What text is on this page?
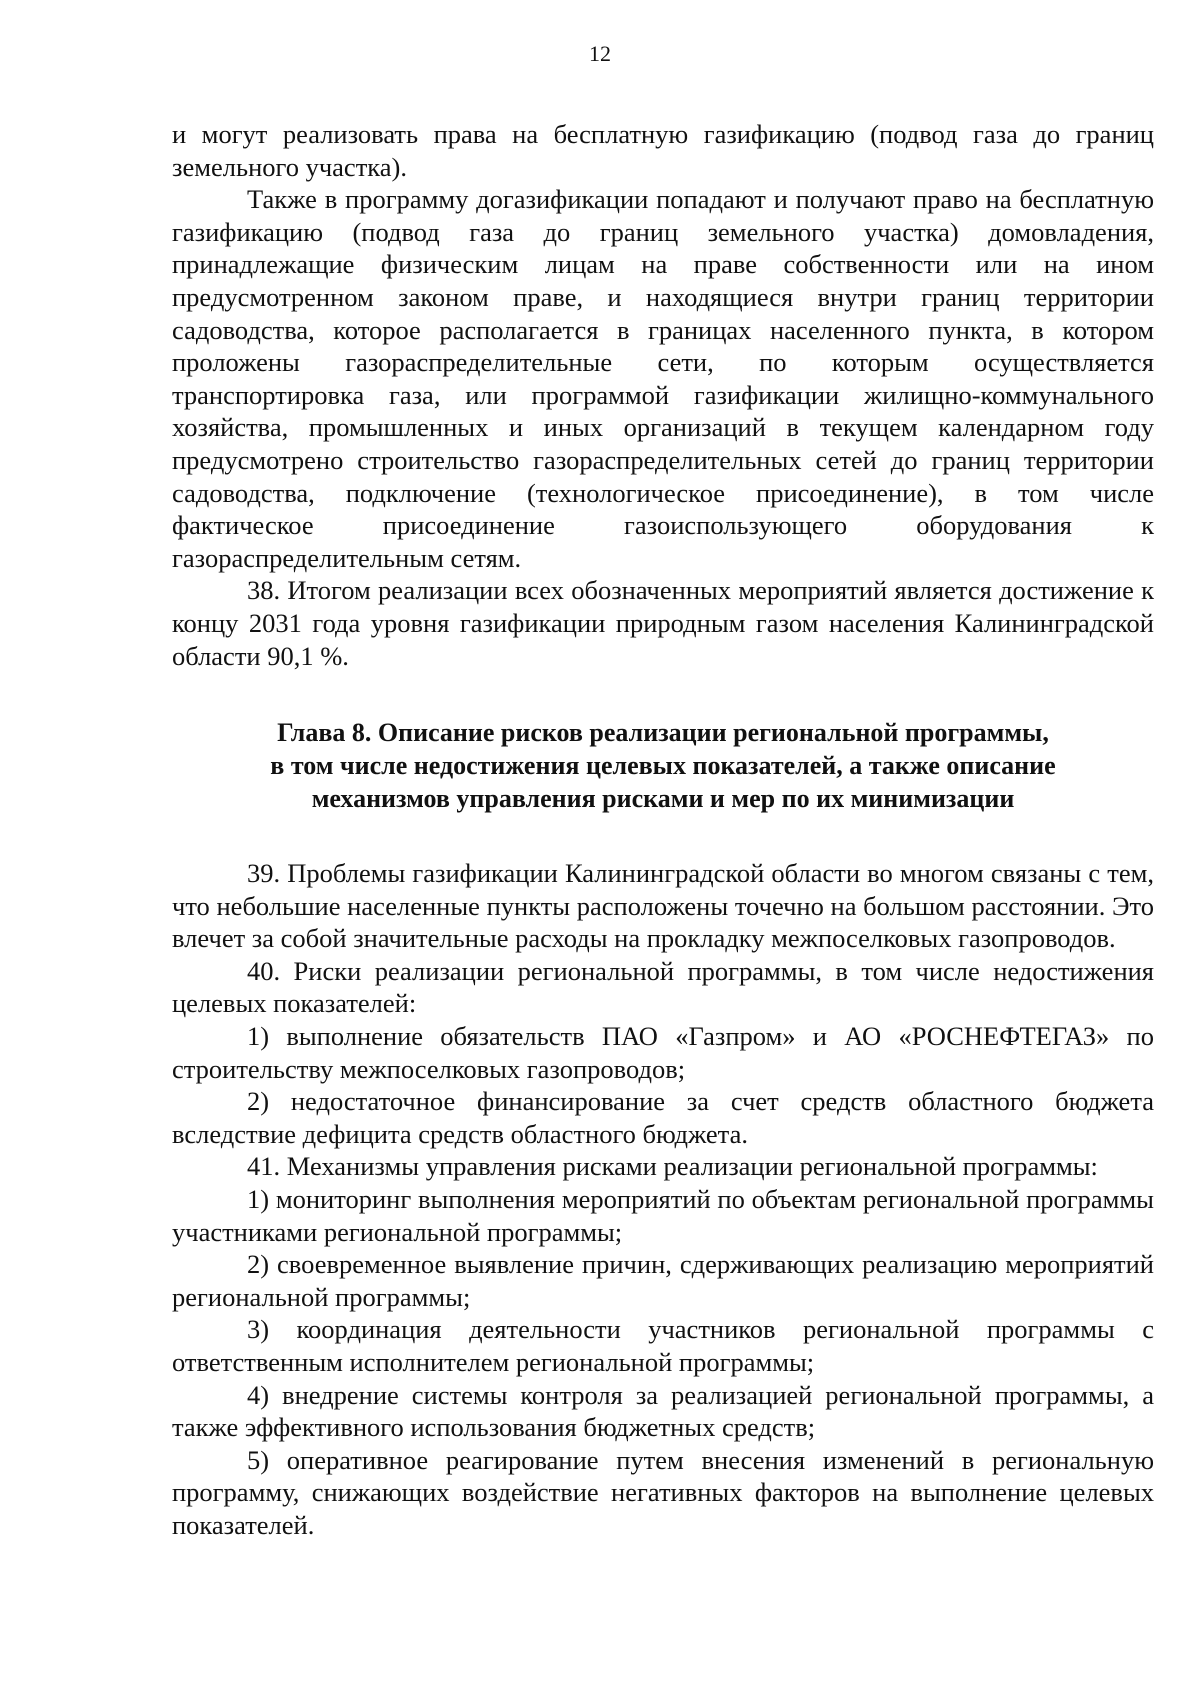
12

и могут реализовать права на бесплатную газификацию (подвод газа до границ земельного участка).

Также в программу догазификации попадают и получают право на бесплатную газификацию (подвод газа до границ земельного участка) домовладения, принадлежащие физическим лицам на праве собственности или на ином предусмотренном законом праве, и находящиеся внутри границ территории садоводства, которое располагается в границах населенного пункта, в котором проложены газораспределительные сети, по которым осуществляется транспортировка газа, или программой газификации жилищно-коммунального хозяйства, промышленных и иных организаций в текущем календарном году предусмотрено строительство газораспределительных сетей до границ территории садоводства, подключение (технологическое присоединение), в том числе фактическое присоединение газоиспользующего оборудования к газораспределительным сетям.

38. Итогом реализации всех обозначенных мероприятий является достижение к концу 2031 года уровня газификации природным газом населения Калининградской области 90,1 %.

Глава 8. Описание рисков реализации региональной программы,
в том числе недостижения целевых показателей, а также описание
механизмов управления рисками и мер по их минимизации

39. Проблемы газификации Калининградской области во многом связаны с тем, что небольшие населенные пункты расположены точечно на большом расстоянии. Это влечет за собой значительные расходы на прокладку межпоселковых газопроводов.

40. Риски реализации региональной программы, в том числе недостижения целевых показателей:

1) выполнение обязательств ПАО «Газпром» и АО «РОСНЕФТЕГАЗ» по строительству межпоселковых газопроводов;

2) недостаточное финансирование за счет средств областного бюджета вследствие дефицита средств областного бюджета.

41. Механизмы управления рисками реализации региональной программы:

1) мониторинг выполнения мероприятий по объектам региональной программы участниками региональной программы;

2) своевременное выявление причин, сдерживающих реализацию мероприятий региональной программы;

3) координация деятельности участников региональной программы с ответственным исполнителем региональной программы;

4) внедрение системы контроля за реализацией региональной программы, а также эффективного использования бюджетных средств;

5) оперативное реагирование путем внесения изменений в региональную программу, снижающих воздействие негативных факторов на выполнение целевых показателей.
